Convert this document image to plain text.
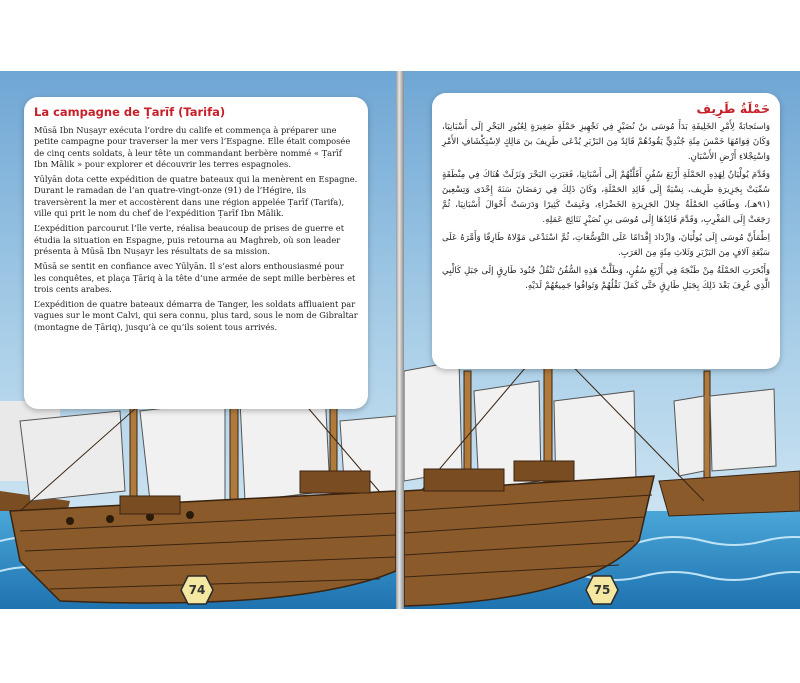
La campagne de Ṭarīf (Tarifa)

Mūsā Ibn Nuṣayr exécuta l’ordre du calife et commença à préparer une petite campagne pour traverser la mer vers l’Espagne. Elle était composée de cinq cents soldats, à leur tête un commandant berbère nommé « Ṭarīf Ibn Mālik » pour explorer et découvrir les terres espagnoles.

Yūlyān dota cette expédition de quatre bateaux qui la menèrent en Espagne. Durant le ramadan de l’an quatre-vingt-onze (91) de l’Hégire, ils traversèrent la mer et accostèrent dans une région appelée Ṭarīf (Tarifa), ville qui prit le nom du chef de l’expédition Ṭarīf Ibn Mālik.

L’expédition parcourut l’île verte, réalisa beaucoup de prises de guerre et étudia la situation en Espagne, puis retourna au Maghreb, où son leader présenta à Mūsā Ibn Nuṣayr les résultats de sa mission.

Mūsā se sentit en confiance avec Yūlyān. Il s’est alors enthousiasmé pour les conquêtes, et plaça Ṭāriq à la tête d’une armée de sept mille berbères et trois cents arabes.

L’expédition de quatre bateaux démarra de Tanger, les soldats affluaient par vagues sur le mont Calvi, qui sera connu, plus tard, sous le nom de Gibraltar (montagne de Ṭāriq), jusqu’à ce qu’ils soient tous arrivés.

74
حَمْلَةُ طَرِيف

وَاستَجابَةً لِأَمْرِ الخَلِيفَةِ بَدَأَ مُوسَى بنُ نُصَيْرٍ فِي تَجْهِيزِ حَمْلَةٍ صَغِيرَةٍ لِعُبُورِ البَحْرِ إلَى أَسْبَانِيَا، وَكَانَ قِوَامُهَا خَمْسَ مِئَةِ جُنْدِيٍّ يَقُودُهُمْ قَائِدٌ مِنَ البَرْبَرِ يُدْعَى طَرِيفَ بنَ مَالِكٍ لاِسْتِكْشَافِ الأَمْرِ وَاسْتِجْلاءِ أَرْضِ الأَسْبَانِ.

وَقَدَّمَ يُولْيَانُ لِهَذِهِ الحَمْلَةِ أَرْبَعَ سُفُنٍ أَقَلَّتْهُمْ إلَى أَسْبَانِيَا، فَعَبَرَتِ البَحْرَ وَنَزَلَتْ هُنَاكَ فِي مِنْطَقَةٍ سُمِّيَتْ بِجَزِيرَةِ طَرِيف، نِسْبَةً إِلَى قَائِدِ الحَمْلَةِ، وَكَانَ ذَلِكَ فِي رَمَضَانَ سَنَةَ إِحْدَى وَتِسْعِينَ (٩١هـ)، وَطَافَتِ الحَمْلَةُ جِلالَ الجَزِيرَةِ الخَضْرَاءِ، وَغَنِمَتْ كَثِيرًا وَدَرَسَتْ أَحْوَالَ أَسْبَانِيَا، ثُمَّ رَجَعَتْ إِلَى المَغْرِبِ، وَقَدَّمَ قَائِدُهَا إِلَى مُوسَى بنِ نُصَيْرٍ نَتَائِجَ عَمَلِهِ.

اِطْمَأَنَّ مُوسَى إِلَى يُولْيَانَ، وَازْدَادَ إِقْدَامًا عَلَى التَّوَسُّعَاتِ، ثُمَّ اسْتَدْعَى مَوْلاهُ طَارِقًا وَأَمَّرَهُ عَلَى سَبْعَةِ آلافٍ مِنَ البَرْبَرِ وَثَلاثِ مِئَةٍ مِنَ العَرَبِ.

وَأَبْحَرَتِ الحَمْلَةُ مِنْ طَنْجَةَ فِي أَرْبَعِ سُفُنٍ، وَظَلَّتْ هَذِهِ السُّفُنُ تَنْقُلُ جُنُودَ طَارِقٍ إلَى جَبَلِ كَالْبِي الَّذِي عُرِفَ بَعْدَ ذَلِكَ بِجَبَلِ طَارِقٍ حَتَّى كَمَلَ نَقْلُهُمْ وَتَوافُوا جَمِيعُهُمْ لَدَيْهِ.

75
